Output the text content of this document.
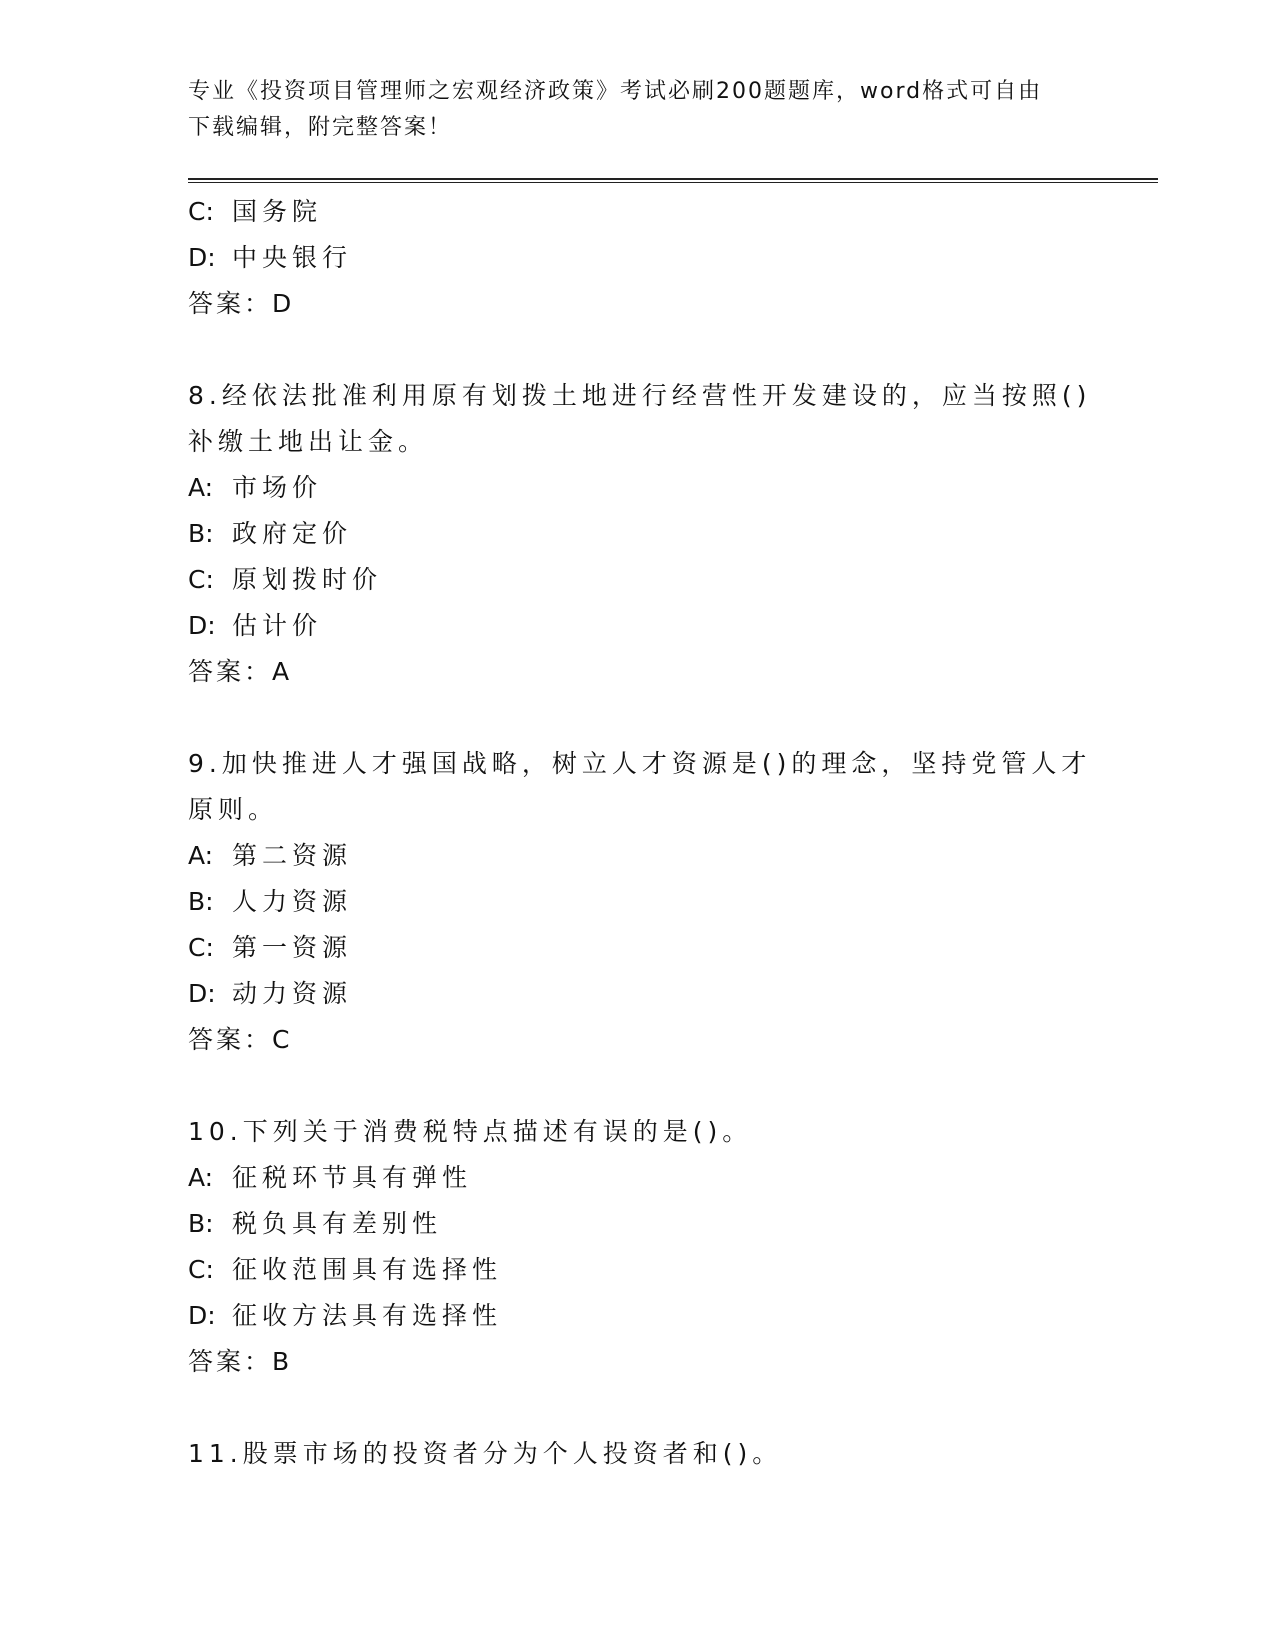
专业《投资项目管理师之宏观经济政策》考试必刷200题题库，word格式可自由
下载编辑，附完整答案！
C: 国务院
D: 中央银行
答案：D
8.经依法批准利用原有划拨土地进行经营性开发建设的，应当按照()
补缴土地出让金。
A: 市场价
B: 政府定价
C: 原划拨时价
D: 估计价
答案：A
9.加快推进人才强国战略，树立人才资源是()的理念，坚持党管人才
原则。
A: 第二资源
B: 人力资源
C: 第一资源
D: 动力资源
答案：C
10.下列关于消费税特点描述有误的是()。
A: 征税环节具有弹性
B: 税负具有差别性
C: 征收范围具有选择性
D: 征收方法具有选择性
答案：B
11.股票市场的投资者分为个人投资者和()。
